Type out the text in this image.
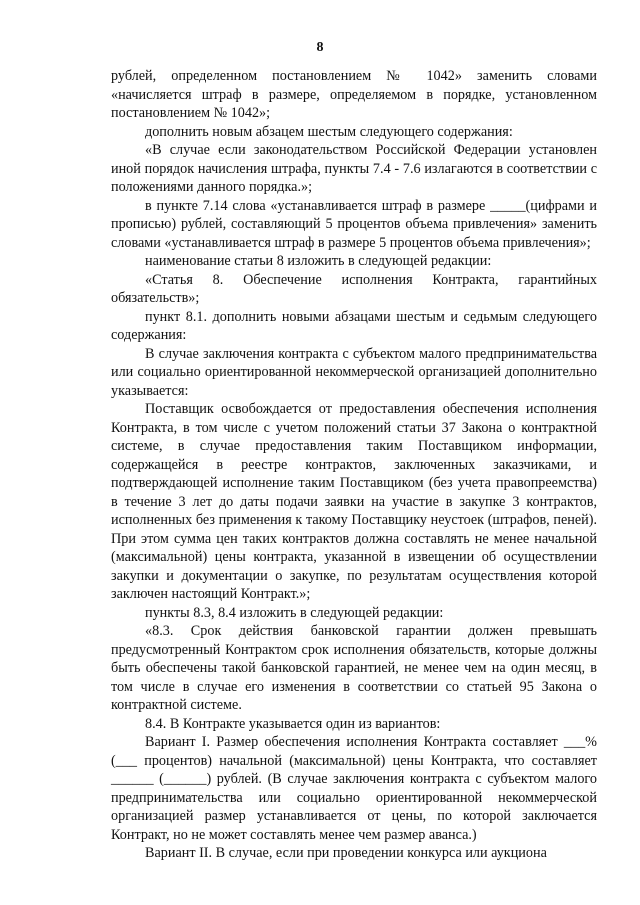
8

рублей, определенном постановлением № 1042» заменить словами «начисляется штраф в размере, определяемом в порядке, установленном постановлением № 1042»;

дополнить новым абзацем шестым следующего содержания:

«В случае если законодательством Российской Федерации установлен иной порядок начисления штрафа, пункты 7.4 - 7.6 излагаются в соответствии с положениями данного порядка.»;

в пункте 7.14 слова «устанавливается штраф в размере _____(цифрами и прописью) рублей, составляющий 5 процентов объема привлечения» заменить словами «устанавливается штраф в размере 5 процентов объема привлечения»;

наименование статьи 8 изложить в следующей редакции:

«Статья 8. Обеспечение исполнения Контракта, гарантийных обязательств»;

пункт 8.1. дополнить новыми абзацами шестым и седьмым следующего содержания:

В случае заключения контракта с субъектом малого предпринимательства или социально ориентированной некоммерческой организацией дополнительно указывается:

Поставщик освобождается от предоставления обеспечения исполнения Контракта, в том числе с учетом положений статьи 37 Закона о контрактной системе, в случае предоставления таким Поставщиком информации, содержащейся в реестре контрактов, заключенных заказчиками, и подтверждающей исполнение таким Поставщиком (без учета правопреемства) в течение 3 лет до даты подачи заявки на участие в закупке 3 контрактов, исполненных без применения к такому Поставщику неустоек (штрафов, пеней). При этом сумма цен таких контрактов должна составлять не менее начальной (максимальной) цены контракта, указанной в извещении об осуществлении закупки и документации о закупке, по результатам осуществления которой заключен настоящий Контракт.»;

пункты 8.3, 8.4 изложить в следующей редакции:

«8.3. Срок действия банковской гарантии должен превышать предусмотренный Контрактом срок исполнения обязательств, которые должны быть обеспечены такой банковской гарантией, не менее чем на один месяц, в том числе в случае его изменения в соответствии со статьей 95 Закона о контрактной системе.

8.4. В Контракте указывается один из вариантов:

Вариант I. Размер обеспечения исполнения Контракта составляет ___% (___ процентов) начальной (максимальной) цены Контракта, что составляет ______ (______) рублей. (В случае заключения контракта с субъектом малого предпринимательства или социально ориентированной некоммерческой организацией размер устанавливается от цены, по которой заключается Контракт, но не может составлять менее чем размер аванса.)

Вариант II. В случае, если при проведении конкурса или аукциона
